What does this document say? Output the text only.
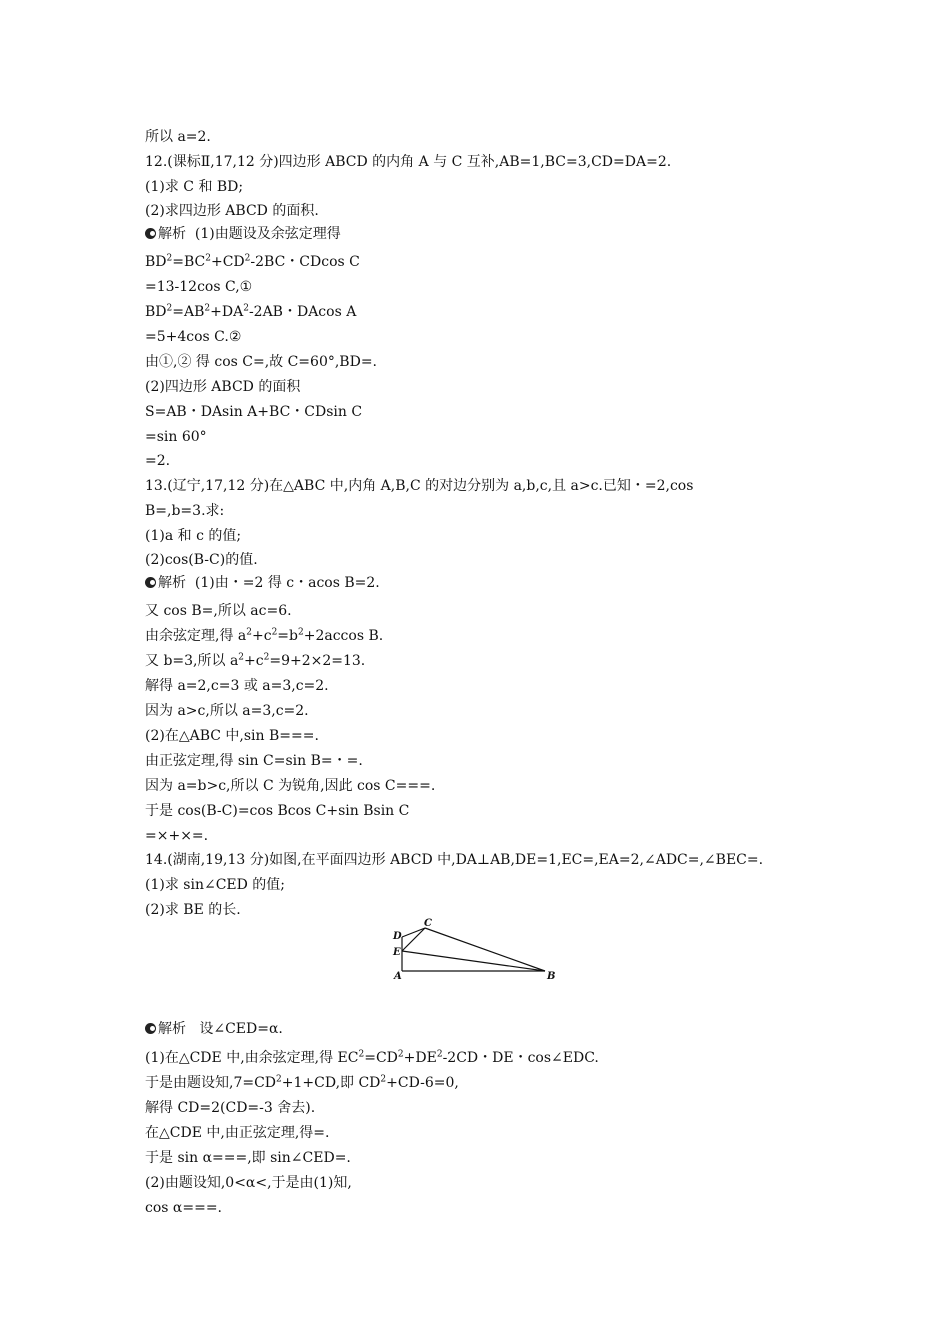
所以 a=2.
12.(课标Ⅱ,17,12 分)四边形 ABCD 的内角 A 与 C 互补,AB=1,BC=3,CD=DA=2.
(1)求 C 和 BD;
(2)求四边形 ABCD 的面积.
解析  (1)由题设及余弦定理得
$BD^2=BC^2+CD^2-2BC$・CDcos C
=13-12cos C,①
$BD^2=AB^2+DA^2-2AB$・DAcos A
=5+4cos C.②
由①,② 得 cos C=,故 C=60°,BD=.
(2)四边形 ABCD 的面积
S=AB・DAsin A+BC・CDsin C
=sin 60°
=2.
13.(辽宁,17,12 分)在△ABC 中,内角 A,B,C 的对边分别为 a,b,c,且 a>c.已知・=2,cos
B=,b=3.求:
(1)a 和 c 的值;
(2)cos(B-C)的值.
解析  (1)由・=2 得 c・acos B=2.
又 cos B=,所以 ac=6.
由余弦定理,得 $a^2+c^2=b^2+2accos$ B.
又 b=3,所以 $a^2+c^2=9+2\times 2=13$.
解得 a=2,c=3 或 a=3,c=2.
因为 a>c,所以 a=3,c=2.
(2)在△ABC 中,sin B===.
由正弦定理,得 sin C=sin B=・=.
因为 a=b>c,所以 C 为锐角,因此 cos C===.
于是 cos(B-C)=cos Bcos C+sin Bsin C
=×+×=.
14.(湖南,19,13 分)如图,在平面四边形 ABCD 中,DA⊥AB,DE=1,EC=,EA=2,∠ADC=,∠BEC=.
(1)求 sin∠CED 的值;
(2)求 BE 的长.
C
D
E
A	B
解析   设∠CED=α.
(1)在△CDE 中,由余弦定理,得 $EC^2=CD^2+DE^2-2CD$・DE・cos∠EDC.
于是由题设知$,7=CD^2+1+CD$,即 $CD^2+CD-6=0$,
解得 CD=2(CD=-3 舍去).
在△CDE 中,由正弦定理,得=.
于是 sin α===,即 sin∠CED=.
(2)由题设知,0<α<,于是由(1)知,
cos α===.
